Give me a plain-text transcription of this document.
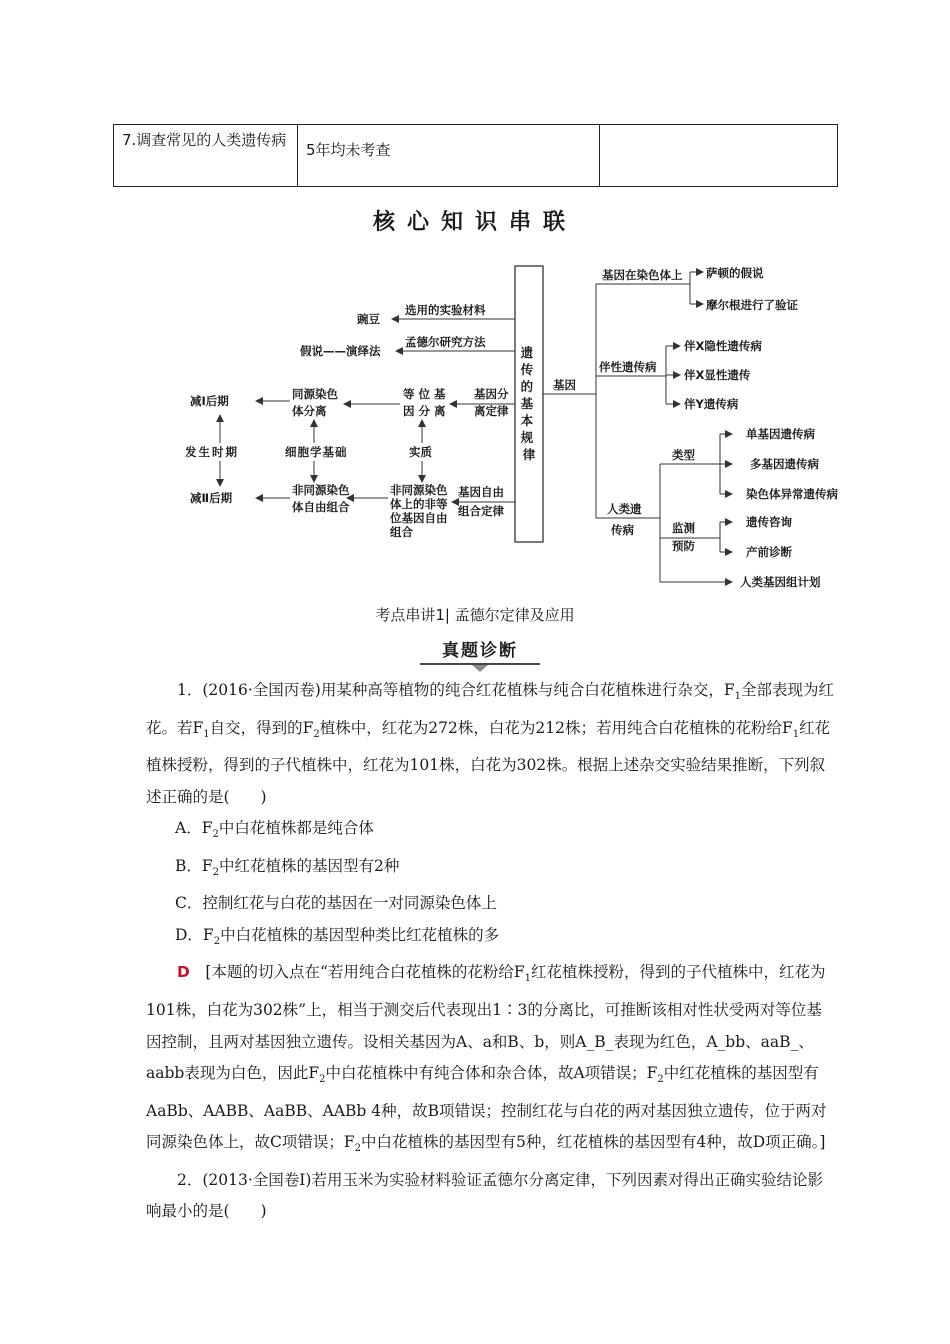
7.调查常见的人类遗传病	5年均未考查	
核心知识串联
遗 传 的 基 本 规 律
遗传的基本规律
选用的实验材料
豌豆
孟德尔研究方法
假说——演绎法
基因分
离定律
等位基
因分离
同源染色
体分离
减Ⅰ后期
发生时期	细胞学基础	实质
基因自由
组合定律
非同源染色
体上的非等
位基因自由
组合
非同源染色
体自由组合
减Ⅱ后期
基因
基因在染色体上 萨顿的假说
摩尔根进行了验证
伴性遗传病
伴X隐性遗传病
伴X显性遗传
伴Y遗传病
人类遗
传病
类型
单基因遗传病
多基因遗传病
染色体异常遗传病
监测
预防
遗传咨询
产前诊断
人类基因组计划
考点串讲1| 孟德尔定律及应用
真题诊断

1．(2016·全国丙卷)用某种高等植物的纯合红花植株与纯合白花植株进行杂交，$F_1$全部表现为红花。若$F_1$自交，得到的$F_2$植株中，红花为272株，白花为212株；若用纯合白花植株的花粉给$F_1$红花植株授粉，得到的子代植株中，红花为101株，白花为302株。根据上述杂交实验结果推断，下列叙述正确的是(　　)

A．$F_2$中白花植株都是纯合体

B．$F_2$中红花植株的基因型有2种

C．控制红花与白花的基因在一对同源染色体上

D．$F_2$中白花植株的基因型种类比红花植株的多

D　 [本题的切入点在“若用纯合白花植株的花粉给$F_1$红花植株授粉，得到的子代植株中，红花为101株，白花为302株”上，相当于测交后代表现出1∶3的分离比，可推断该相对性状受两对等位基因控制，且两对基因独立遗传。设相关基因为A、a和B、b，则A_B_表现为红色，A_bb、aaB_、aabb表现为白色，因此$F_2$中白花植株中有纯合体和杂合体，故A项错误；$F_2$中红花植株的基因型有AaBb、AABB、AaBB、AABb 4种，故B项错误；控制红花与白花的两对基因独立遗传，位于两对同源染色体上，故C项错误；$F_2$中白花植株的基因型有5种，红花植株的基因型有4种，故D项正确。]

2．(2013·全国卷Ⅰ)若用玉米为实验材料验证孟德尔分离定律，下列因素对得出正确实验结论影响最小的是(　　)
